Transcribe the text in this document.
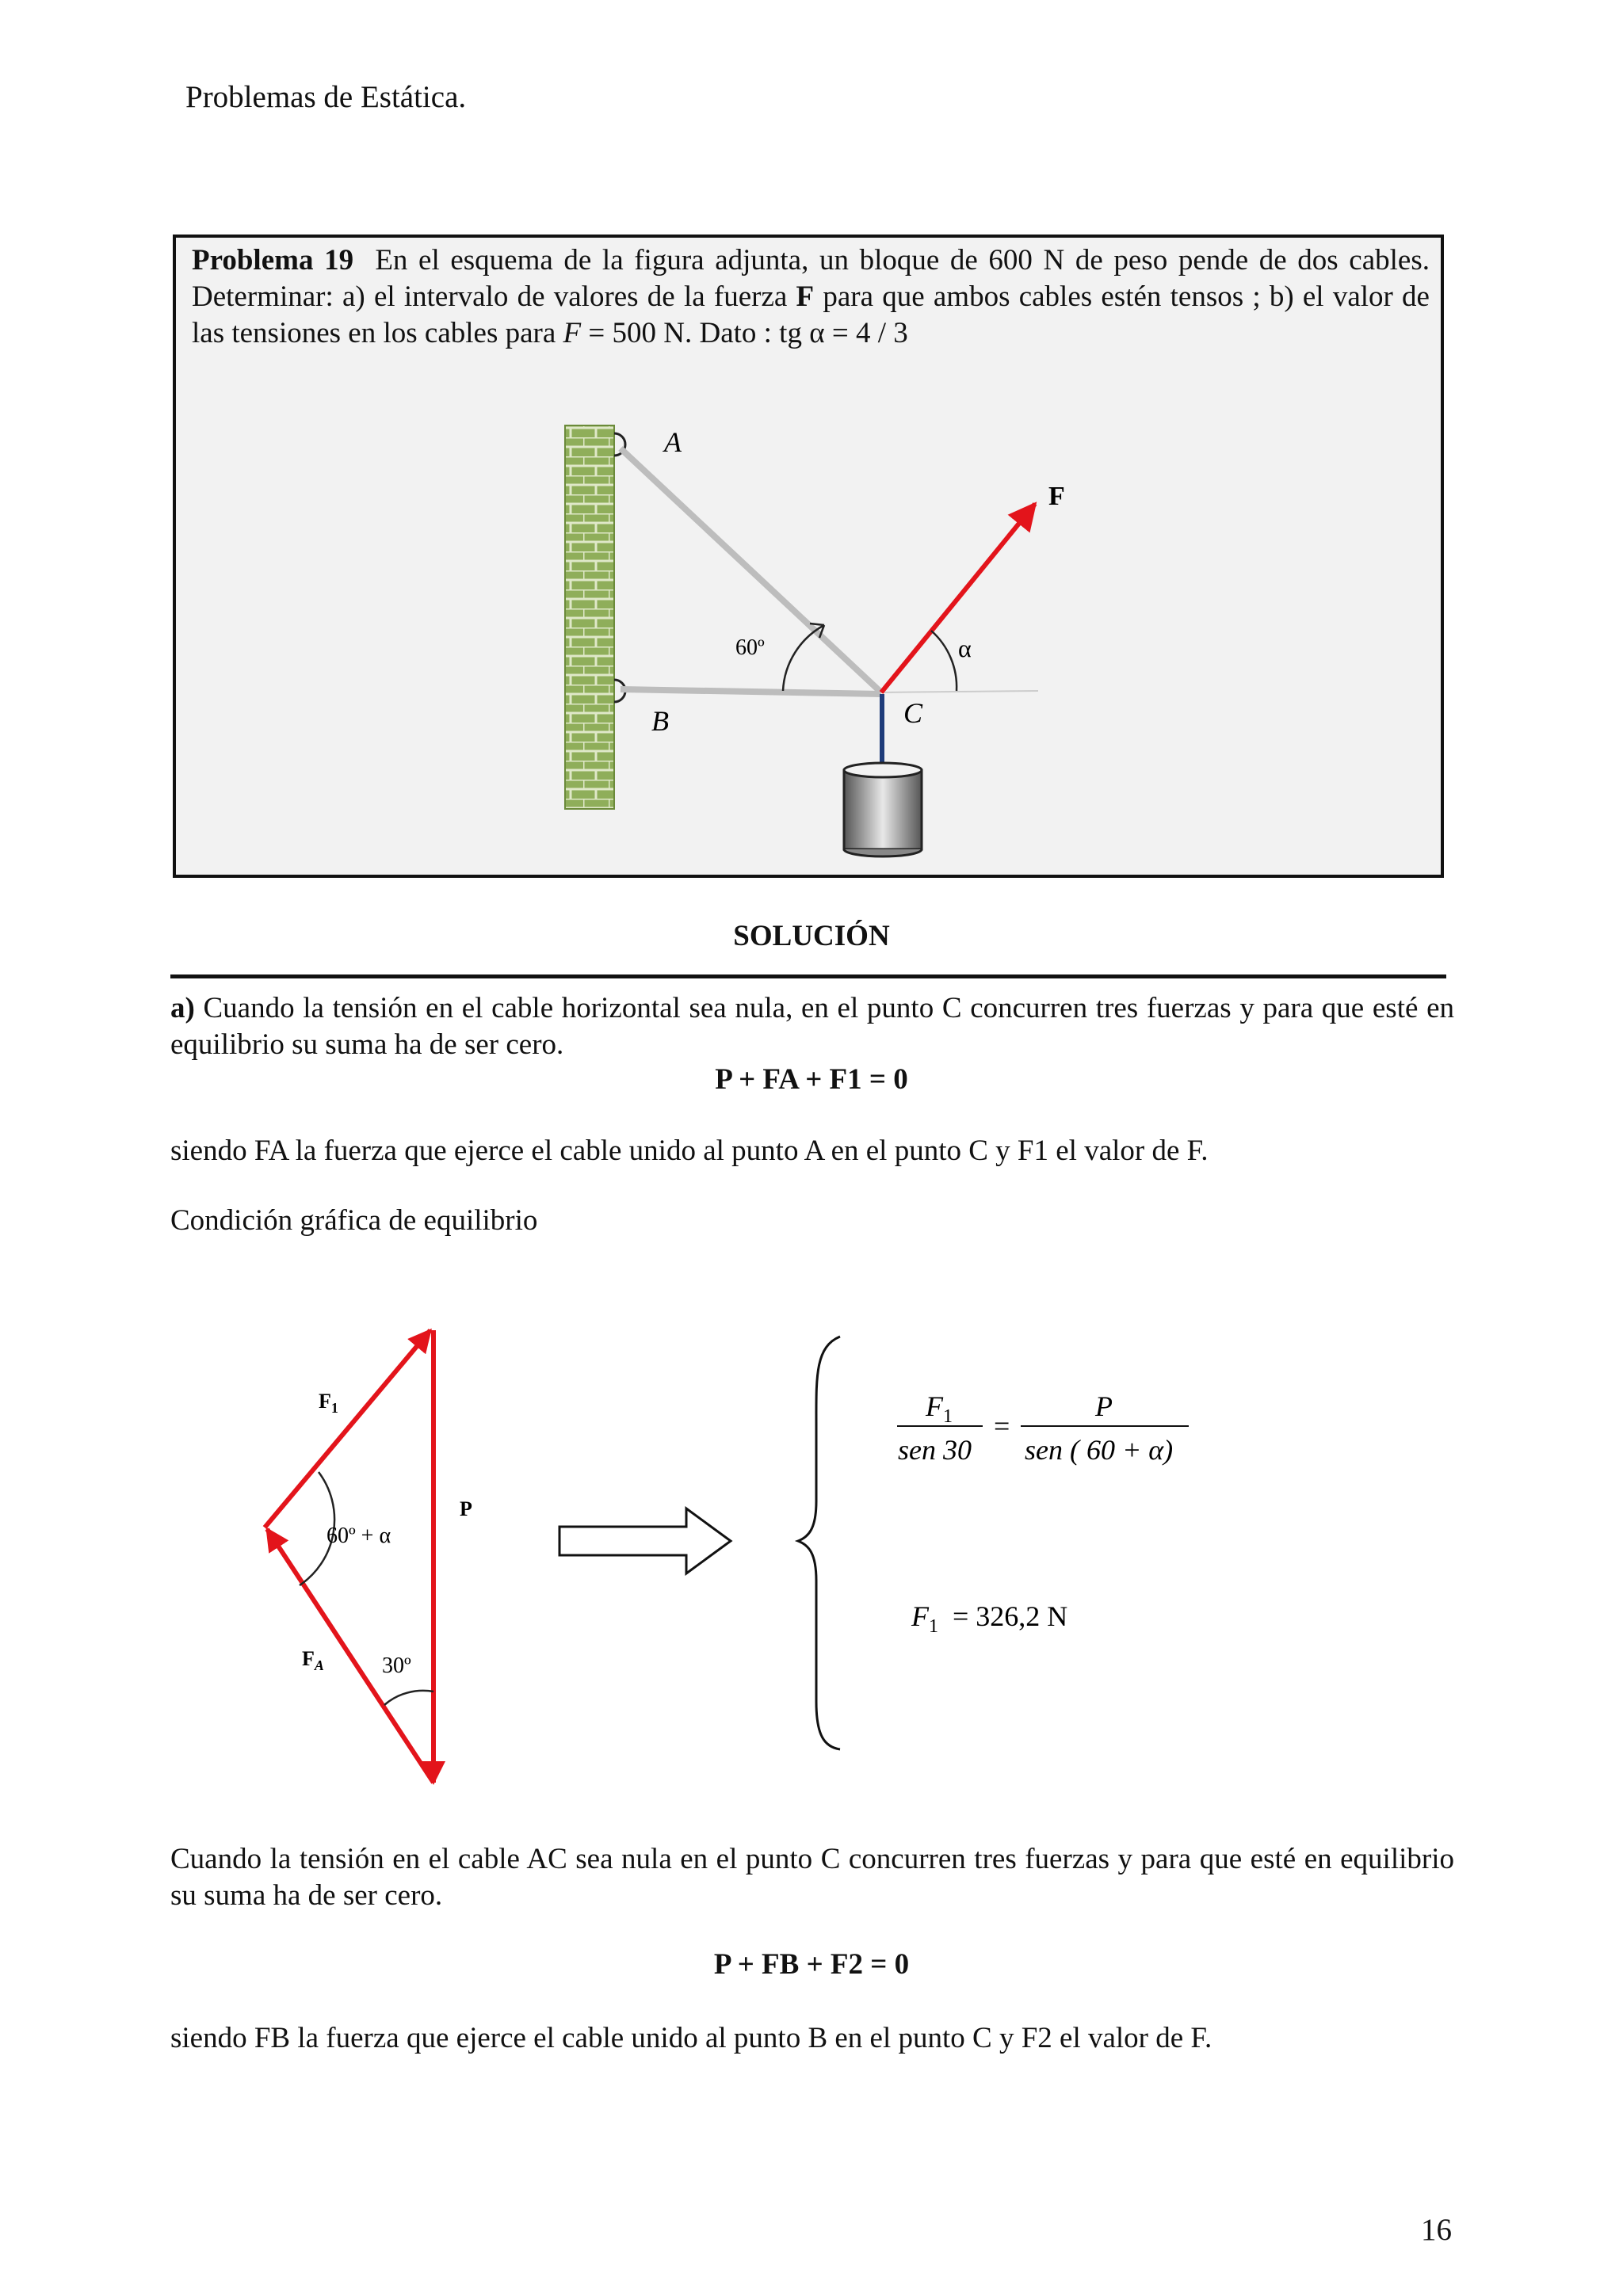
Problemas de Estática.
Problema 19 En el esquema de la figura adjunta, un bloque de 600 N de peso pende de dos cables. Determinar: a) el intervalo de valores de la fuerza F para que ambos cables estén tensos ; b) el valor de las tensiones en los cables para F = 500 N. Dato : tg α = 4 / 3
A
B	C
F
60º	α
SOLUCIÓN
a) Cuando la tensión en el cable horizontal sea nula, en el punto C concurren tres fuerzas y para que esté en equilibrio su suma ha de ser cero.
P + FA + F1 = 0
siendo FA la fuerza que ejerce el cable unido al punto A en el punto C y F1 el valor de F.
Condición gráfica de equilibrio
$F_1$
P
$F_A$
60º + α
30º
$F_1$
sen 30
=
P
sen ( 60 + α)
$F_1 = 326,2$ N
Cuando la tensión en el cable AC sea nula en el punto C concurren tres fuerzas y para que esté en equilibrio su suma ha de ser cero.
P + FB + F2 = 0
siendo FB la fuerza que ejerce el cable unido al punto B en el punto C y F2 el valor de F.
16
